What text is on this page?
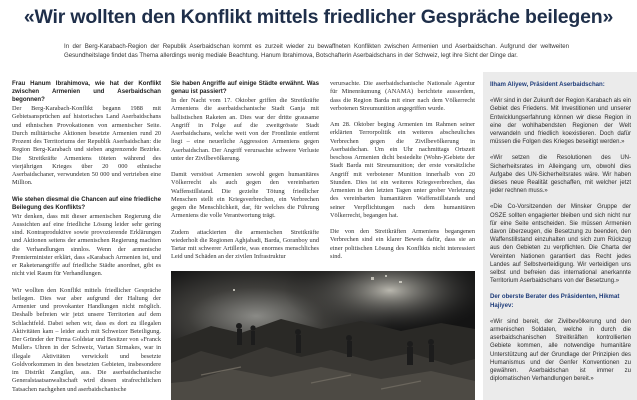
«Wir wollten den Konflikt mittels friedlicher Gespräche beilegen»
In der Berg-Karabach-Region der Republik Aserbaidschan kommt es zurzeit wieder zu bewaffneten Konflikten zwischen Armenien und Aserbaidschan. Aufgrund der weltweiten Gesundheitslage findet das Thema allerdings wenig mediale Beachtung. Hanum Ibrahimova, Botschafterin Aserbaidschans in der Schweiz, legt ihre Sicht der Dinge dar.
Frau Hanum Ibrahimova, wie hat der Konflikt zwischen Armenien und Aserbaidschan begonnen?
Der Berg-Karabach-Konflikt begann 1988 mit Gebietsansprüchen auf historisches Land Aserbaidschans und ethnischen Provokationen von armenischer Seite. Durch militärische Aktionen besetzte Armenien rund 20 Prozent des Territoriums der Republik Aserbaidschan: die Region Berg-Karabach und sieben angrenzende Bezirke. Die Streitkräfte Armeniens töteten während des vierjährigen Krieges über 20 000 ethnische Aserbaidschaner, verwundeten 50 000 und vertrieben eine Million.
Wie stehen diesmal die Chancen auf eine friedliche Beilegung des Konflikts?
Wir denken, dass mit dieser armenischen Regierung die Aussichten auf eine friedliche Lösung leider sehr gering sind. Kontraproduktive sowie provozierende Erklärungen und Aktionen seitens der armenischen Regierung machten die Verhandlungen sinnlos. Wenn der armenische Premierminister erklärt, dass «Karabach Armenien ist, und er Raketenangriffe auf friedliche Städte anordnet, gibt es nicht viel Raum für Verhandlungen.
Wir wollten den Konflikt mittels friedlicher Gespräche beilegen. Dies war aber aufgrund der Haltung der Armenier und provokanter Handlungen nicht möglich. Deshalb befreien wir jetzt unsere Territorien auf dem Schlachtfeld. Dabei sehen wir, dass es dort zu illegalen Aktivitäten kam – leider auch mit Schweizer Beteiligung. Der Gründer der Firma Goldstar und Besitzer von «Franck Muller» Uhren in der Schweiz, Vartan Sirmakes, war in illegale Aktivitäten verwickelt und besetzte Goldvorkommen in den besetzten Gebieten, insbesondere im Distrikt Zangilan, aus. Die aserbaidschanische Generalstaatsanwaltschaft wird diesen strafrechtlichen Tatsachen nachgehen und aserbaidschanische
Sie haben Angriffe auf einige Städte erwähnt. Was genau ist passiert?
In der Nacht vom 17. Oktober griffen die Streitkräfte Armeniens die aserbaidschanische Stadt Ganja mit ballistischen Raketen an. Dies war der dritte grausame Angriff in Folge auf die zweitgrösste Stadt Aserbaidschans, welche weit von der Frontlinie entfernt liegt – eine neuerliche Aggression Armeniens gegen Aserbaidschan. Der Angriff verursachte schwere Verluste unter der Zivilbevölkerung.
Damit verstösst Armenien sowohl gegen humanitäres Völkerrecht als auch gegen den vereinbarten Waffenstillstand. Die gezielte Tötung friedlicher Menschen stellt ein Kriegsverbrechen, ein Verbrechen gegen die Menschlichkeit, dar, für welches die Führung Armeniens die volle Verantwortung trägt.
Zudem attackierten die armenischen Streitkräfte wiederholt die Regionen Aghjabadi, Barda, Goranboy und Tartar mit schwerer Artillerie, was enormes menschliches Leid und Schäden an der zivilen Infrastruktur
verursachte. Die aserbaidschanische Nationale Agentur für Minenräumung (ANAMA) berichtete ausserdem, dass die Region Barda mit einer nach dem Völkerrecht verbotenen Streumunition angegriffen wurde.
Am 28. Oktober beging Armenien im Rahmen seiner erklärten Terrorpolitik ein weiteres abscheuliches Verbrechen gegen die Zivilbevölkerung in Aserbaidschan. Um ein Uhr nachmittags Ortszeit beschoss Armenien dicht besiedelte (Wohn-)Gebiete der Stadt Barda mit Streumunition; der erste vorsätzliche Angriff mit verbotener Munition innerhalb von 20 Stunden. Dies ist ein weiteres Kriegsverbrechen, das Armenien in den letzten Tagen unter grober Verletzung des vereinbarten humanitären Waffenstillstands und seiner Verpflichtungen nach dem humanitären Völkerrecht, begangen hat.
Die von den Streitkräften Armeniens begangenen Verbrechen sind ein klarer Beweis dafür, dass sie an einer politischen Lösung des Konflikts nicht interessiert sind.
Ilham Aliyew, Präsident Aserbaidschan:
«Wir sind in der Zukunft der Region Karabach als ein Gebiet des Friedens. Mit Investitionen und unserer Entwicklungserfahrung können wir diese Region in eine der wohlhabendsten Regionen der Welt verwandeln und friedlich koexistieren. Doch dafür müssen die Folgen des Krieges beseitigt werden.»
«Wir setzen die Resolutionen des UN-Sicherheitsrates im Alleingang um, obwohl dies Aufgabe des UN-Sicherheitsrates wäre. Wir haben dieses neue Realität geschaffen, mit welcher jetzt jeder rechnen muss.»
«Die Co-Vorsitzenden der Minsker Gruppe der OSZE sollten engagierter bleiben und sich nicht nur für eine Seite entscheiden. Sie müssen Armenien davon überzeugen, die Besetzung zu beenden, den Waffenstillstand einzuhalten und sich zum Rückzug aus den Gebieten zu verpflichten. Die Charta der Vereinten Nationen garantiert das Recht jedes Landes auf Selbstverteidigung. Wir verteidigen uns selbst und befreien das international anerkannte Territorium Aserbaidschans von der Besetzung.»
Der oberste Berater des Präsidenten, Hikmat Hajiyev:
«Wir sind bereit, der Zivilbevölkerung und den armenischen Soldaten, welche in durch die aserbaidschanischen Streitkräften kontrollierten Gebiete kommen, alle notwendige humanitäre Unterstützung auf der Grundlage der Prinzipien des Humanismus und der Genfer Konventionen zu gewähren. Aserbaidschan ist immer zu diplomatischen Verhandlungen bereit.»
